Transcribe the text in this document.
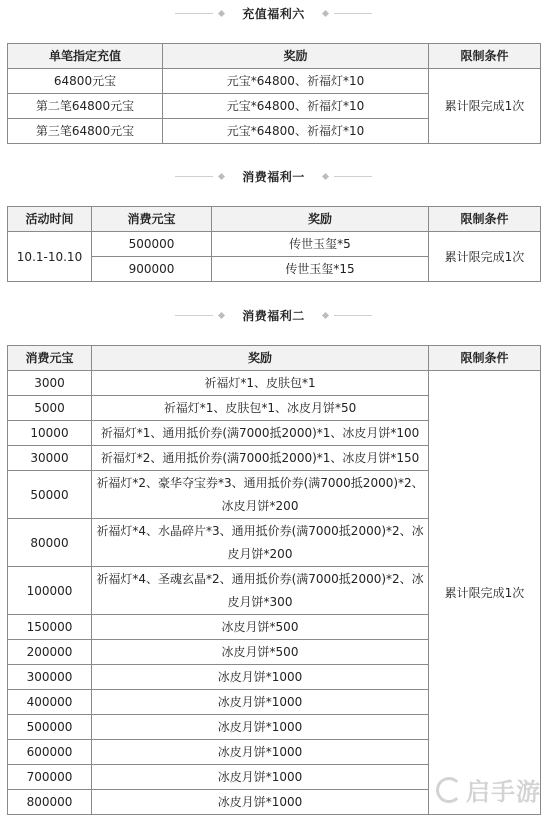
充值福利六
单笔指定充值	奖励	限制条件
64800元宝	元宝*64800、祈福灯*10	累计限完成1次
第二笔64800元宝	元宝*64800、祈福灯*10	
第三笔64800元宝	元宝*64800、祈福灯*10	
消费福利一
活动时间	消费元宝	奖励	限制条件
10.1-10.10	500000	传世玉玺*5	累计限完成1次
	900000	传世玉玺*15	
消费福利二
消费元宝	奖励	限制条件
3000	祈福灯*1、皮肤包*1	累计限完成1次
5000	祈福灯*1、皮肤包*1、冰皮月饼*50	
10000	祈福灯*1、通用抵价券(满7000抵2000)*1、冰皮月饼*100	
30000	祈福灯*2、通用抵价券(满7000抵2000)*1、冰皮月饼*150	
50000	祈福灯*2、豪华夺宝券*3、通用抵价券(满7000抵2000)*2、冰皮月饼*200	
80000	祈福灯*4、水晶碎片*3、通用抵价券(满7000抵2000)*2、冰皮月饼*200	
100000	祈福灯*4、圣魂玄晶*2、通用抵价券(满7000抵2000)*2、冰皮月饼*300	
150000	冰皮月饼*500	
200000	冰皮月饼*500	
300000	冰皮月饼*1000	
400000	冰皮月饼*1000	
500000	冰皮月饼*1000	
600000	冰皮月饼*1000	
700000	冰皮月饼*1000	
800000	冰皮月饼*1000		启手游
